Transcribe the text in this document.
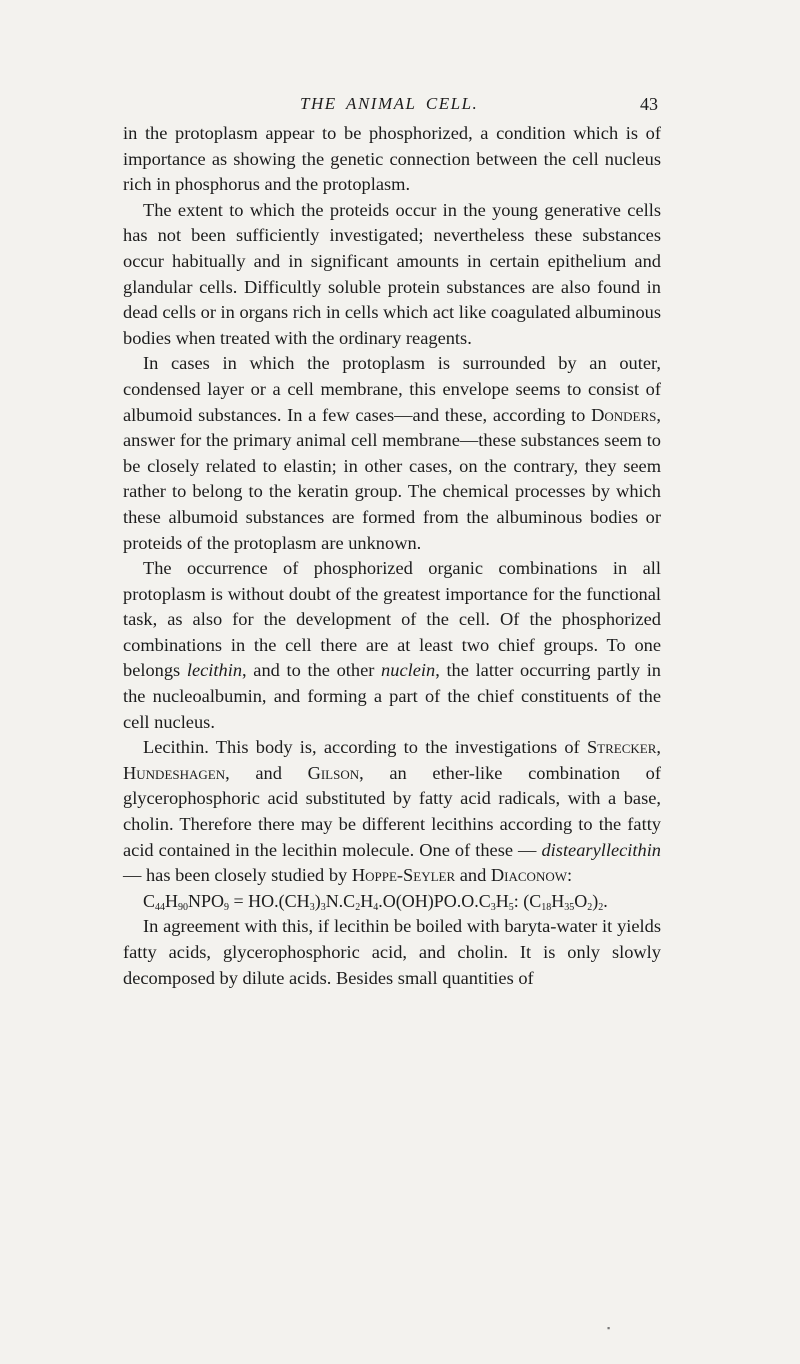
THE ANIMAL CELL.	43

in the protoplasm appear to be phosphorized, a condition which is of importance as showing the genetic connection between the cell nucleus rich in phosphorus and the protoplasm.

The extent to which the proteids occur in the young generative cells has not been sufficiently investigated; nevertheless these substances occur habitually and in significant amounts in certain epithelium and glandular cells. Difficultly soluble protein substances are also found in dead cells or in organs rich in cells which act like coagulated albuminous bodies when treated with the ordinary reagents.

In cases in which the protoplasm is surrounded by an outer, condensed layer or a cell membrane, this envelope seems to consist of albumoid substances. In a few cases—and these, according to Donders, answer for the primary animal cell membrane—these substances seem to be closely related to elastin; in other cases, on the contrary, they seem rather to belong to the keratin group. The chemical processes by which these albumoid substances are formed from the albuminous bodies or proteids of the protoplasm are unknown.

The occurrence of phosphorized organic combinations in all protoplasm is without doubt of the greatest importance for the functional task, as also for the development of the cell. Of the phosphorized combinations in the cell there are at least two chief groups. To one belongs lecithin, and to the other nuclein, the latter occurring partly in the nucleoalbumin, and forming a part of the chief constituents of the cell nucleus.

Lecithin. This body is, according to the investigations of Strecker, Hundeshagen, and Gilson, an ether-like combination of glycerophosphoric acid substituted by fatty acid radicals, with a base, cholin. Therefore there may be different lecithins according to the fatty acid contained in the lecithin molecule. One of these — distearyllecithin — has been closely studied by Hoppe-Seyler and Diaconow:

$C_{44}H_{90}NPO_9 = HO.(CH_3)_3N.C_2H_4.O(OH)PO.O.C_3H_5$: $(C_{18}H_{35}O_2)_2$.

In agreement with this, if lecithin be boiled with baryta-water it yields fatty acids, glycerophosphoric acid, and cholin. It is only slowly decomposed by dilute acids. Besides small quantities of

▪
